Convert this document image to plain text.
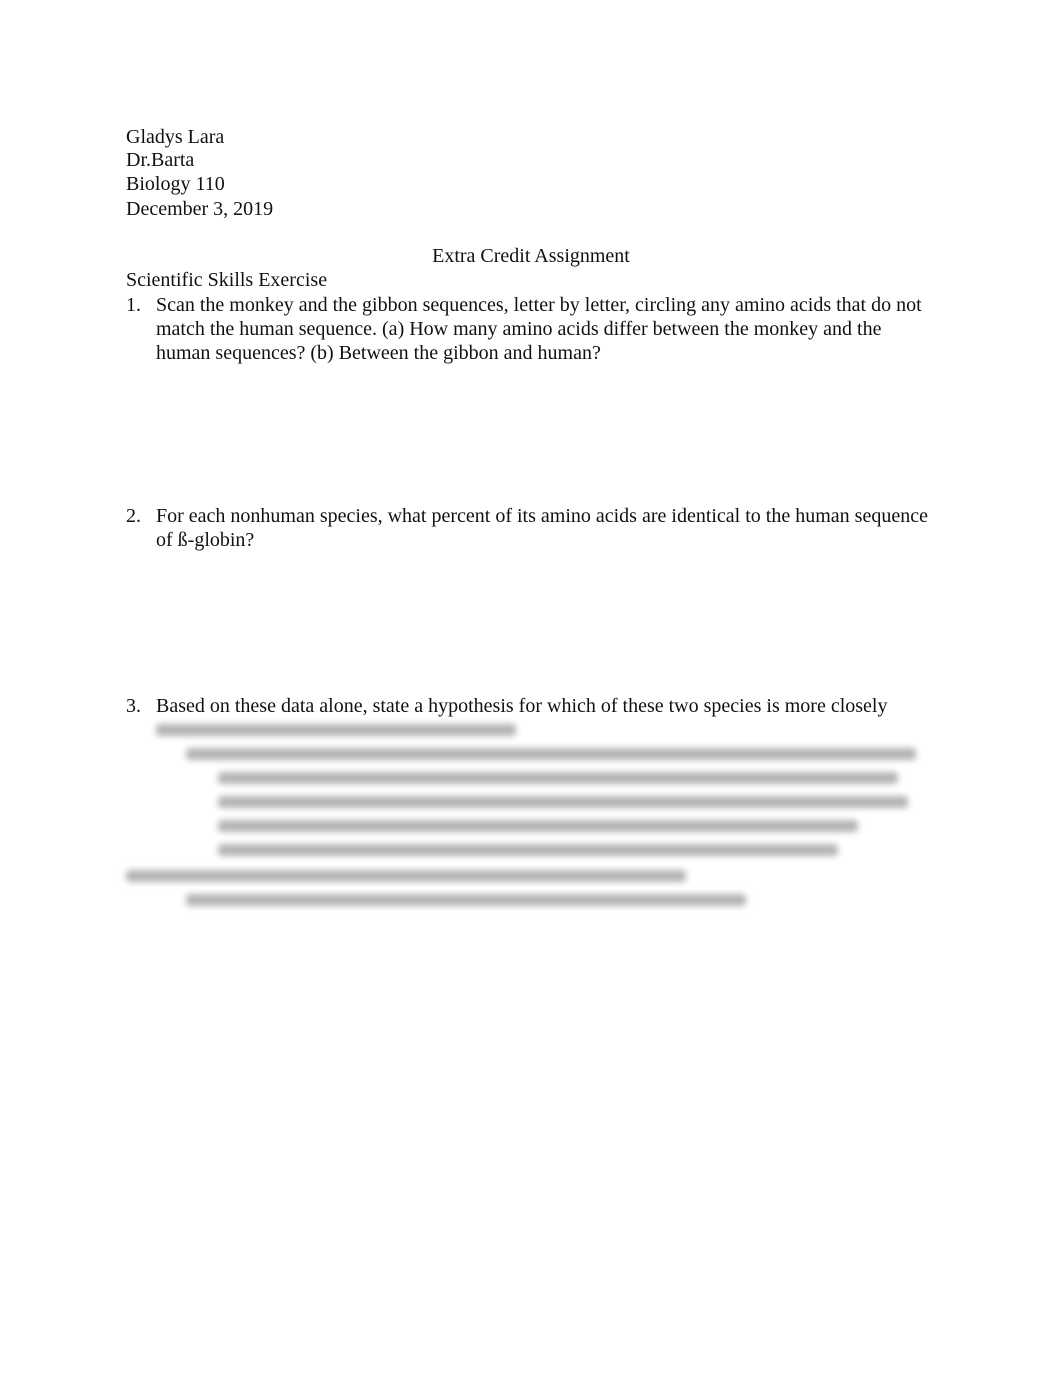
Gladys Lara
Dr.Barta
Biology 110
December 3, 2019
Extra Credit Assignment
Scientific Skills Exercise
1. Scan the monkey and the gibbon sequences, letter by letter, circling any amino acids that do not match the human sequence. (a) How many amino acids differ between the monkey and the human sequences? (b) Between the gibbon and human?
2. For each nonhuman species, what percent of its amino acids are identical to the human sequence of ß-globin?
3. Based on these data alone, state a hypothesis for which of these two species is more closely
